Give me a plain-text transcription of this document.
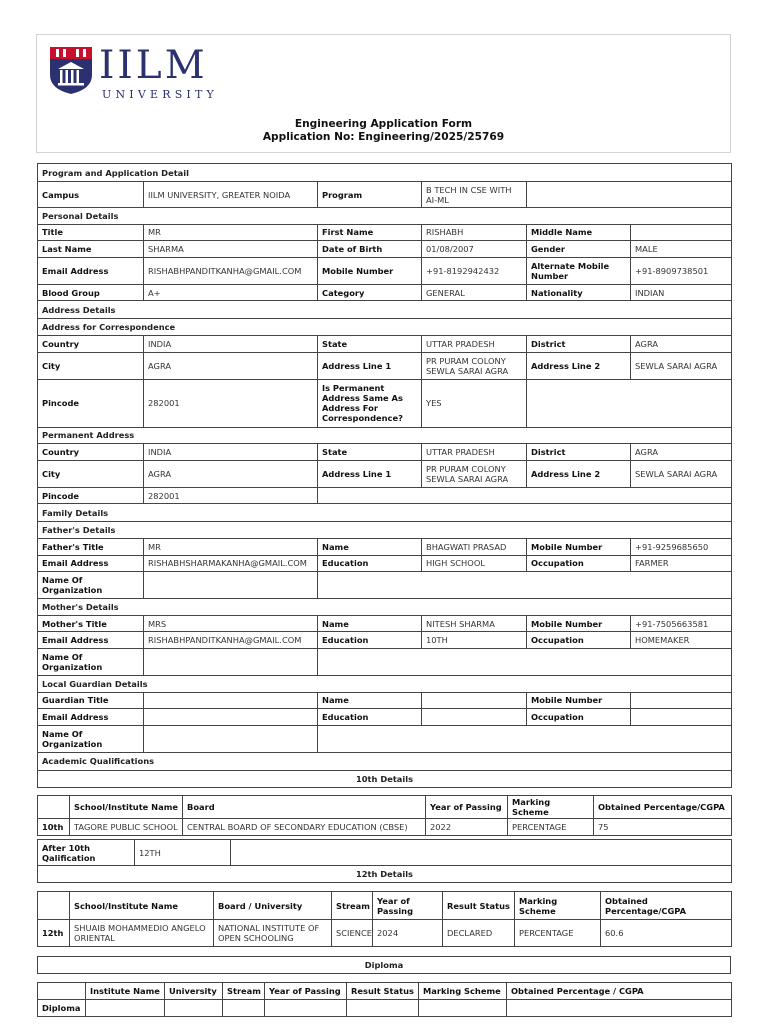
IILM
UNIVERSITY
Engineering Application Form
Application No: Engineering/2025/25769
Program and Application Detail					
Campus	IILM UNIVERSITY, GREATER NOIDA	Program	B TECH IN CSE WITH AI-ML		
Personal Details					
Title	MR	First Name	RISHABH	Middle Name	
Last Name	SHARMA	Date of Birth	01/08/2007	Gender	MALE
Email Address	RISHABHPANDITKANHA@GMAIL.COM	Mobile Number	+91-8192942432	Alternate Mobile Number	+91-8909738501
Blood Group	A+	Category	GENERAL	Nationality	INDIAN
Address Details					
Address for Correspondence					
Country	INDIA	State	UTTAR PRADESH	District	AGRA
City	AGRA	Address Line 1	PR PURAM COLONY SEWLA SARAI AGRA	Address Line 2	SEWLA SARAI AGRA
Pincode	282001	Is Permanent Address Same As Address For Correspondence?	YES		
Permanent Address					
Country	INDIA	State	UTTAR PRADESH	District	AGRA
City	AGRA	Address Line 1	PR PURAM COLONY SEWLA SARAI AGRA	Address Line 2	SEWLA SARAI AGRA
Pincode	282001				
Family Details					
Father's Details					
Father's Title	MR	Name	BHAGWATI PRASAD	Mobile Number	+91-9259685650
Email Address	RISHABHSHARMAKANHA@GMAIL.COM	Education	HIGH SCHOOL	Occupation	FARMER
Name Of Organization					
Mother's Details					
Mother's Title	MRS	Name	NITESH SHARMA	Mobile Number	+91-7505663581
Email Address	RISHABHPANDITKANHA@GMAIL.COM	Education	10TH	Occupation	HOMEMAKER
Name Of Organization					
Local Guardian Details					
Guardian Title		Name		Mobile Number	
Email Address		Education		Occupation	
Name Of Organization					
Academic Qualifications					
10th Details					
	School/Institute Name	Board	Year of Passing	Marking Scheme	Obtained Percentage/CGPA
10th	TAGORE PUBLIC SCHOOL	CENTRAL BOARD OF SECONDARY EDUCATION (CBSE)	2022	PERCENTAGE	75
After 10th Qalification	12TH	
12th Details
	School/Institute Name	Board / University	Stream	Year of Passing	Result Status	Marking Scheme	Obtained Percentage/CGPA
12th	SHUAIB MOHAMMEDIO ANGELO ORIENTAL	NATIONAL INSTITUTE OF OPEN SCHOOLING	SCIENCE	2024	DECLARED	PERCENTAGE	60.6
Diploma
	Institute Name	University	Stream	Year of Passing	Result Status	Marking Scheme	Obtained Percentage / CGPA
Diploma							
